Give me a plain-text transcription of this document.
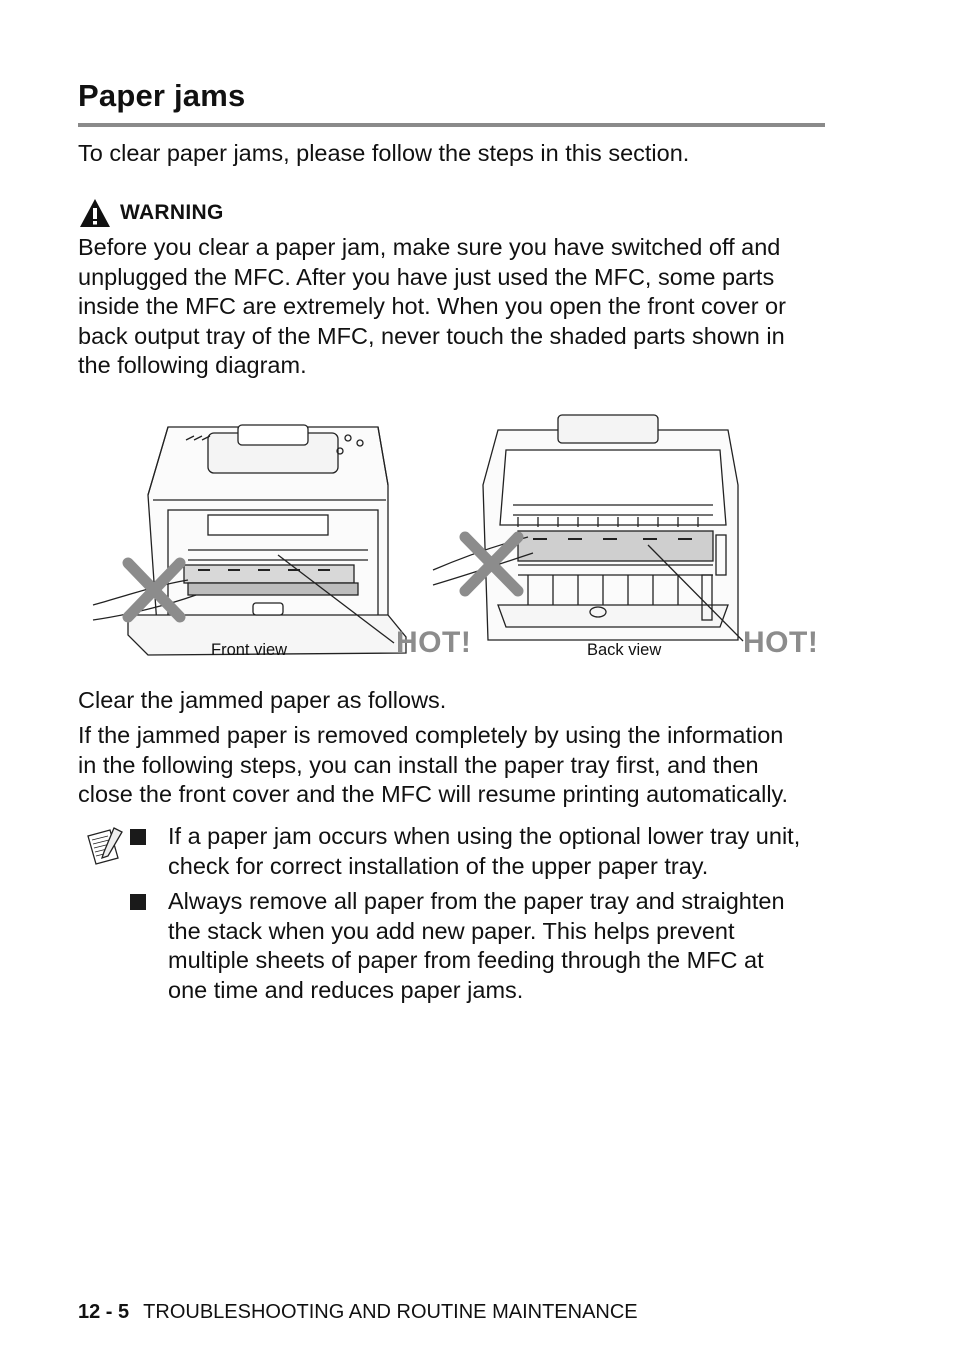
Paper jams

To clear paper jams, please follow the steps in this section.

WARNING

Before you clear a paper jam, make sure you have switched off and
unplugged the MFC. After you have just used the MFC, some parts
inside the MFC are extremely hot. When you open the front cover or
back output tray of the MFC, never touch the shaded parts shown in
the following diagram.

Front view	HOT!	Back view	HOT!

Clear the jammed paper as follows.

If the jammed paper is removed completely by using the information
in the following steps, you can install the paper tray first, and then
close the front cover and the MFC will resume printing automatically.

If a paper jam occurs when using the optional lower tray unit,
check for correct installation of the upper paper tray.

Always remove all paper from the paper tray and straighten
the stack when you add new paper. This helps prevent
multiple sheets of paper from feeding through the MFC at
one time and reduces paper jams.

12 - 5 TROUBLESHOOTING AND ROUTINE MAINTENANCE
